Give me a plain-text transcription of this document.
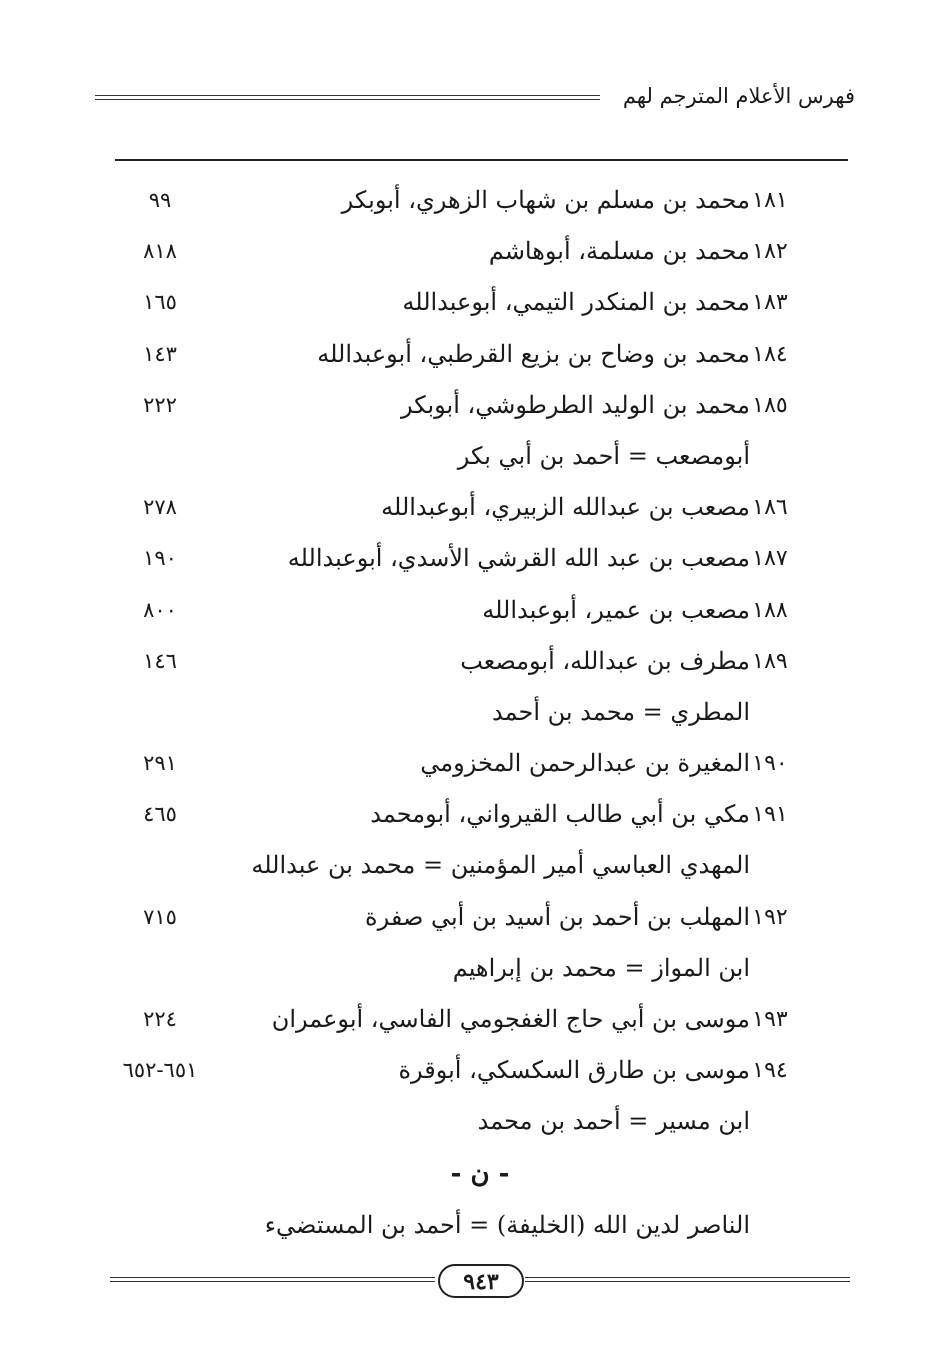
فهرس الأعلام المترجم لهم
١٨١
محمد بن مسلم بن شهاب الزهري، أبوبكر
٩٩
١٨٢
محمد بن مسلمة، أبوهاشم
٨١٨
١٨٣
محمد بن المنكدر التيمي، أبوعبدالله
١٦٥
١٨٤
محمد بن وضاح بن بزيع القرطبي، أبوعبدالله
١٤٣
١٨٥
محمد بن الوليد الطرطوشي، أبوبكر
٢٢٢
أبومصعب = أحمد بن أبي بكر
١٨٦
مصعب بن عبدالله الزبيري، أبوعبدالله
٢٧٨
١٨٧
مصعب بن عبد الله القرشي الأسدي، أبوعبدالله
١٩٠
١٨٨
مصعب بن عمير، أبوعبدالله
٨٠٠
١٨٩
مطرف بن عبدالله، أبومصعب
١٤٦
المطري = محمد بن أحمد
١٩٠
المغيرة بن عبدالرحمن المخزومي
٢٩١
١٩١
مكي بن أبي طالب القيرواني، أبومحمد
٤٦٥
المهدي العباسي أمير المؤمنين = محمد بن عبدالله
١٩٢
المهلب بن أحمد بن أسيد بن أبي صفرة
٧١٥
ابن المواز = محمد بن إبراهيم
١٩٣
موسى بن أبي حاج الغفجومي الفاسي، أبوعمران
٢٢٤
١٩٤
موسى بن طارق السكسكي، أبوقرة
٦٥١-٦٥٢
ابن مسير = أحمد بن محمد
- ن -
الناصر لدين الله (الخليفة) = أحمد بن المستضيء
٩٤٣
